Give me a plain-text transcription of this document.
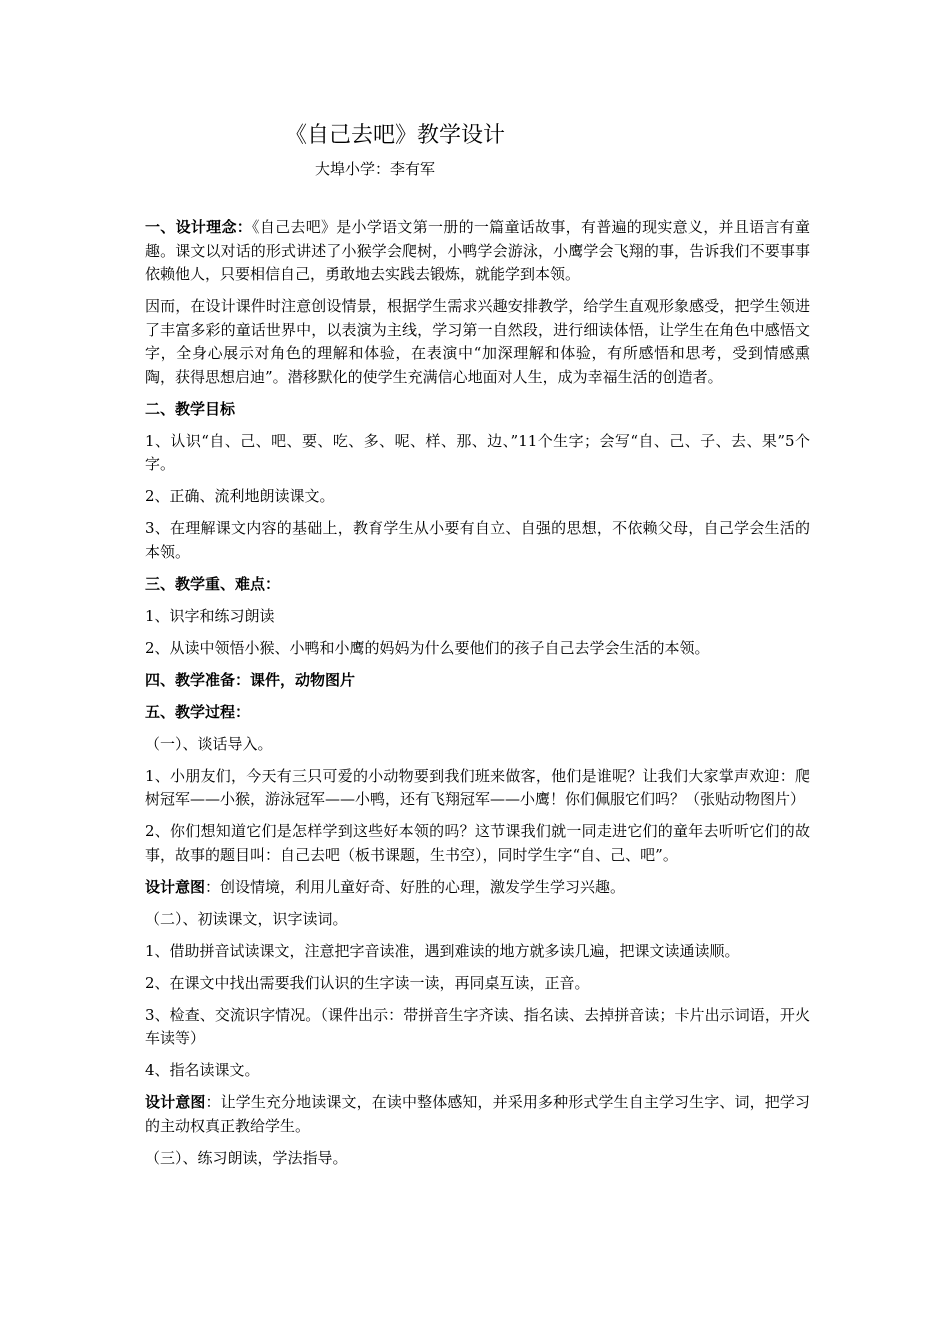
《自己去吧》教学设计
大埠小学：李有军

一、设计理念：《自己去吧》是小学语文第一册的一篇童话故事，有普遍的现实意义，并且语言有童趣。课文以对话的形式讲述了小猴学会爬树，小鸭学会游泳，小鹰学会飞翔的事，告诉我们不要事事依赖他人，只要相信自己，勇敢地去实践去锻炼，就能学到本领。

因而，在设计课件时注意创设情景，根据学生需求兴趣安排教学，给学生直观形象感受，把学生领进了丰富多彩的童话世界中，以表演为主线，学习第一自然段，进行细读体悟，让学生在角色中感悟文字，全身心展示对角色的理解和体验，在表演中“加深理解和体验，有所感悟和思考，受到情感熏陶，获得思想启迪”。潜移默化的使学生充满信心地面对人生，成为幸福生活的创造者。

二、教学目标

1、认识“自、己、吧、要、吃、多、呢、样、那、边、”11个生字；会写“自、己、子、去、果”5个字。

2、正确、流利地朗读课文。

3、在理解课文内容的基础上，教育学生从小要有自立、自强的思想，不依赖父母，自己学会生活的本领。

三、教学重、难点：

1、识字和练习朗读

2、从读中领悟小猴、小鸭和小鹰的妈妈为什么要他们的孩子自己去学会生活的本领。

四、教学准备：课件，动物图片

五、教学过程：

（一）、谈话导入。

1、小朋友们，今天有三只可爱的小动物要到我们班来做客，他们是谁呢？让我们大家掌声欢迎：爬树冠军——小猴，游泳冠军——小鸭，还有飞翔冠军——小鹰！你们佩服它们吗？（张贴动物图片）

2、你们想知道它们是怎样学到这些好本领的吗？这节课我们就一同走进它们的童年去听听它们的故事，故事的题目叫：自己去吧（板书课题，生书空），同时学生字“自、己、吧”。

设计意图：创设情境，利用儿童好奇、好胜的心理，激发学生学习兴趣。

（二）、初读课文，识字读词。

1、借助拼音试读课文，注意把字音读准，遇到难读的地方就多读几遍，把课文读通读顺。

2、在课文中找出需要我们认识的生字读一读，再同桌互读，正音。

3、检查、交流识字情况。（课件出示：带拼音生字齐读、指名读、去掉拼音读；卡片出示词语，开火车读等）

4、指名读课文。

设计意图：让学生充分地读课文，在读中整体感知，并采用多种形式学生自主学习生字、词，把学习的主动权真正教给学生。

（三）、练习朗读，学法指导。
